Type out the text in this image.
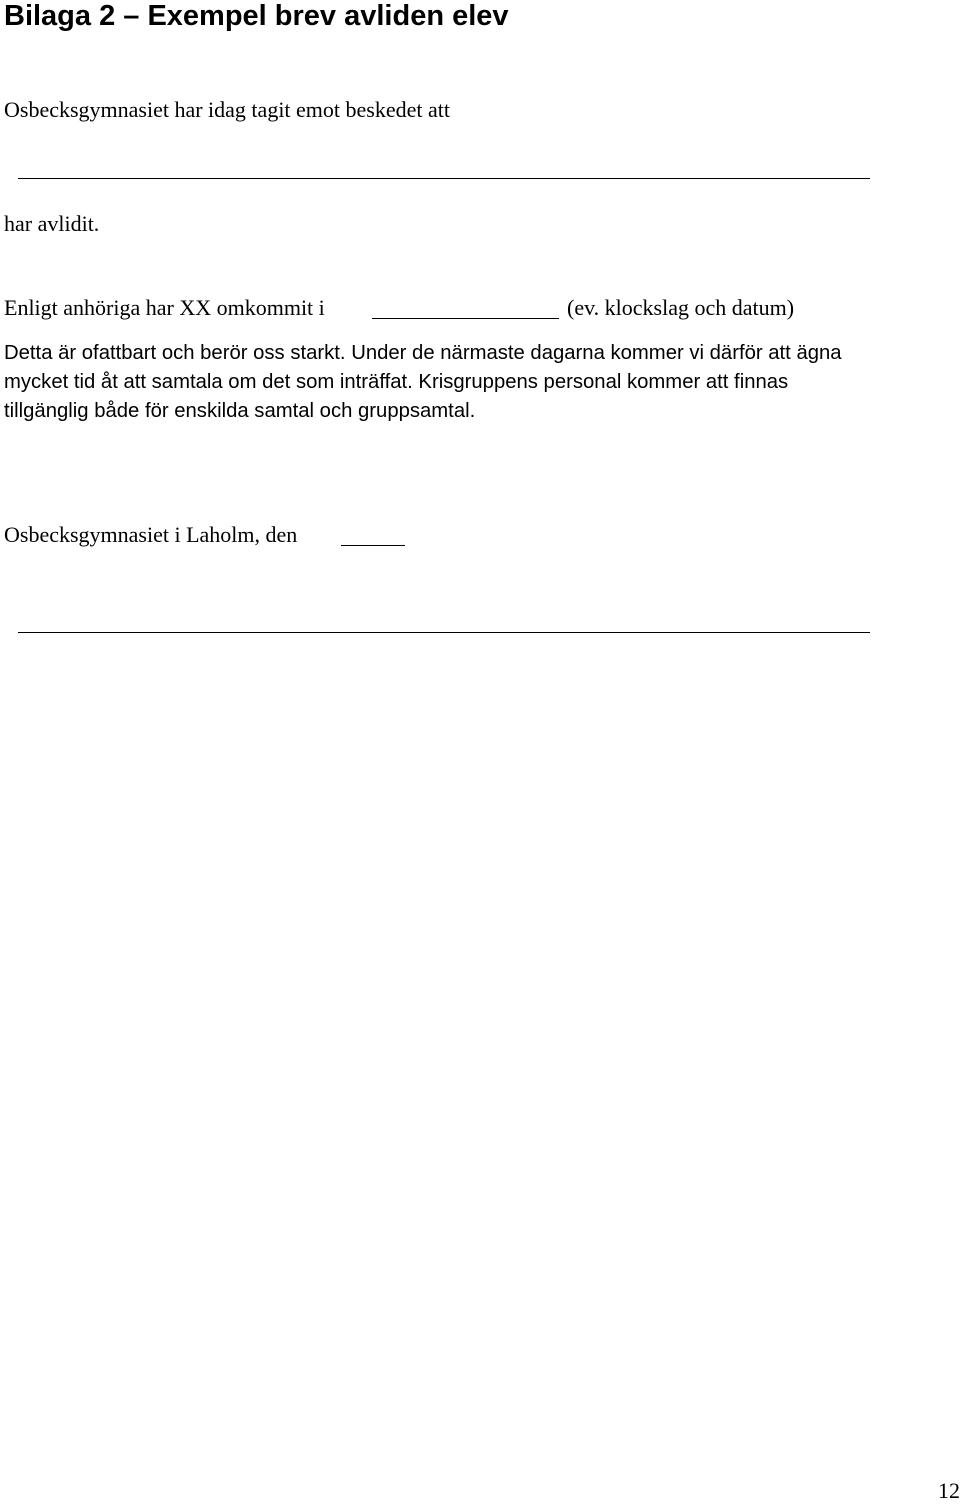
Bilaga 2 – Exempel brev avliden elev

Osbecksgymnasiet har idag tagit emot beskedet att

har avlidit.

Enligt anhöriga har XX omkommit i	(ev. klockslag och datum)

Detta är ofattbart och berör oss starkt. Under de närmaste dagarna kommer vi därför att ägna
mycket tid åt att samtala om det som inträffat. Krisgruppens personal kommer att finnas
tillgänglig både för enskilda samtal och gruppsamtal.

Osbecksgymnasiet i Laholm, den

12
